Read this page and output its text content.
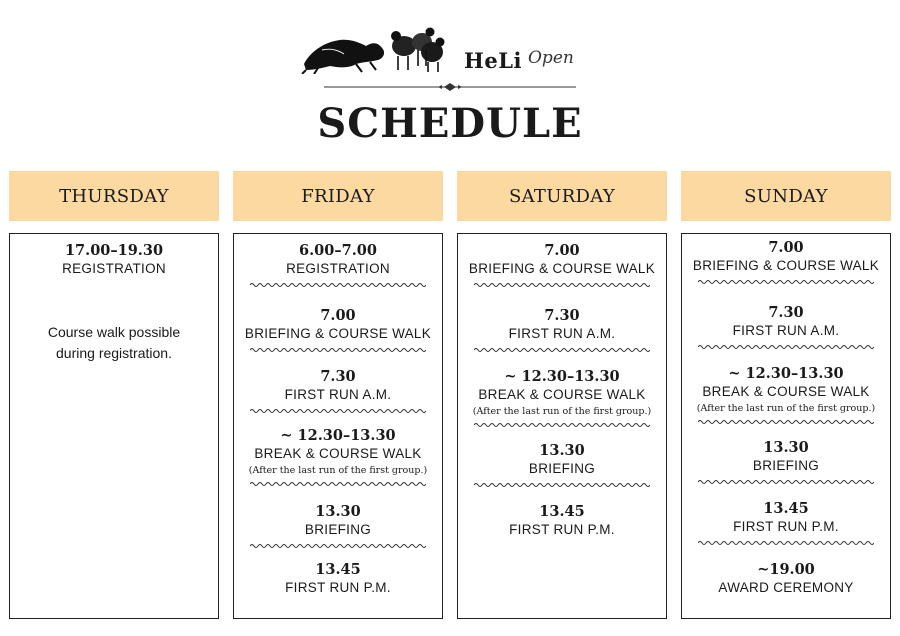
HeLi Open
SCHEDULE
THURSDAY
17.00–19.30
REGISTRATION
Course walk possible during registration.
FRIDAY
6.00–7.00
REGISTRATION
7.00
BRIEFING & COURSE WALK
7.30
FIRST RUN A.M.
~ 12.30–13.30
BREAK & COURSE WALK
(After the last run of the first group.)
13.30
BRIEFING
13.45
FIRST RUN P.M.
SATURDAY
7.00
BRIEFING & COURSE WALK
7.30
FIRST RUN A.M.
~ 12.30–13.30
BREAK & COURSE WALK
(After the last run of the first group.)
13.30
BRIEFING
13.45
FIRST RUN P.M.
SUNDAY
7.00
BRIEFING & COURSE WALK
7.30
FIRST RUN A.M.
~ 12.30–13.30
BREAK & COURSE WALK
(After the last run of the first group.)
13.30
BRIEFING
13.45
FIRST RUN P.M.
~19.00
AWARD CEREMONY
